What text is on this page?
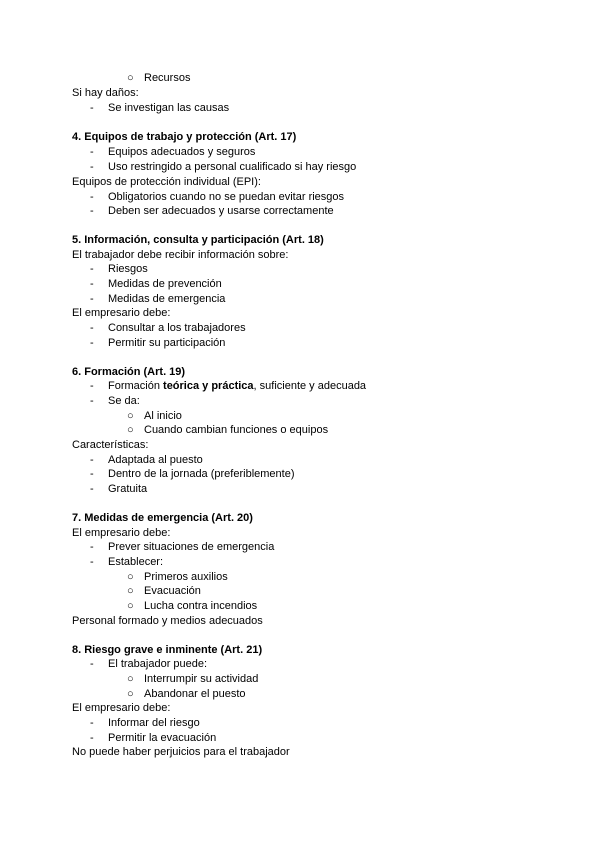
○ Recursos
Si hay daños:
- Se investigan las causas
4. Equipos de trabajo y protección (Art. 17)
- Equipos adecuados y seguros
- Uso restringido a personal cualificado si hay riesgo
Equipos de protección individual (EPI):
- Obligatorios cuando no se puedan evitar riesgos
- Deben ser adecuados y usarse correctamente
5. Información, consulta y participación (Art. 18)
El trabajador debe recibir información sobre:
- Riesgos
- Medidas de prevención
- Medidas de emergencia
El empresario debe:
- Consultar a los trabajadores
- Permitir su participación
6. Formación (Art. 19)
- Formación teórica y práctica, suficiente y adecuada
- Se da:
○ Al inicio
○ Cuando cambian funciones o equipos
Características:
- Adaptada al puesto
- Dentro de la jornada (preferiblemente)
- Gratuita
7. Medidas de emergencia (Art. 20)
El empresario debe:
- Prever situaciones de emergencia
- Establecer:
○ Primeros auxilios
○ Evacuación
○ Lucha contra incendios
Personal formado y medios adecuados
8. Riesgo grave e inminente (Art. 21)
- El trabajador puede:
○ Interrumpir su actividad
○ Abandonar el puesto
El empresario debe:
- Informar del riesgo
- Permitir la evacuación
No puede haber perjuicios para el trabajador
